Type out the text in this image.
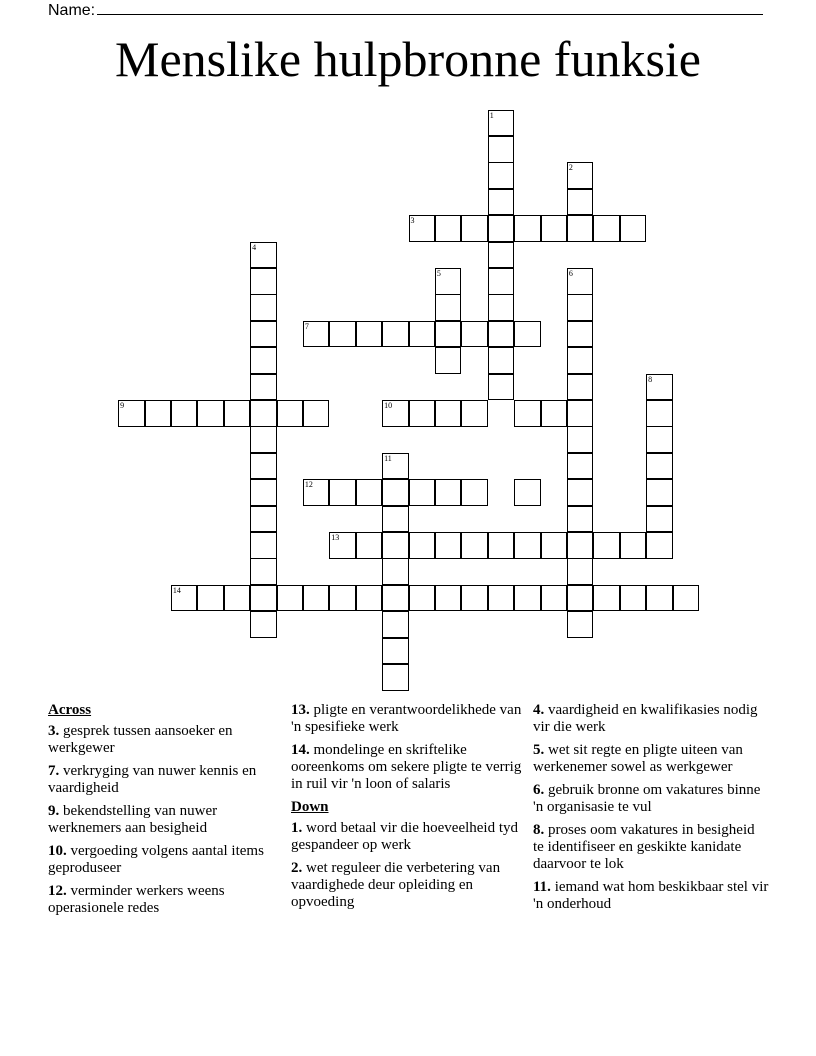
Name:
Menslike hulpbronne funksie
1
2
3
4
5	6
7
8
9	10
11
12
13
14
Across
3. gesprek tussen aansoeker en werkgewer
7. verkryging van nuwer kennis en vaardigheid
9. bekendstelling van nuwer werknemers aan besigheid
10. vergoeding volgens aantal items geproduseer
12. verminder werkers weens operasionele redes
13. pligte en verantwoordelikhede van 'n spesifieke werk
14. mondelinge en skriftelike ooreenkoms om sekere pligte te verrig in ruil vir 'n loon of salaris
Down
1. word betaal vir die hoeveelheid tyd gespandeer op werk
2. wet reguleer die verbetering van vaardighede deur opleiding en opvoeding
4. vaardigheid en kwalifikasies nodig vir die werk
5. wet sit regte en pligte uiteen van werkenemer sowel as werkgewer
6. gebruik bronne om vakatures binne 'n organisasie te vul
8. proses oom vakatures in besigheid te identifiseer en geskikte kanidate daarvoor te lok
11. iemand wat hom beskikbaar stel vir 'n onderhoud
